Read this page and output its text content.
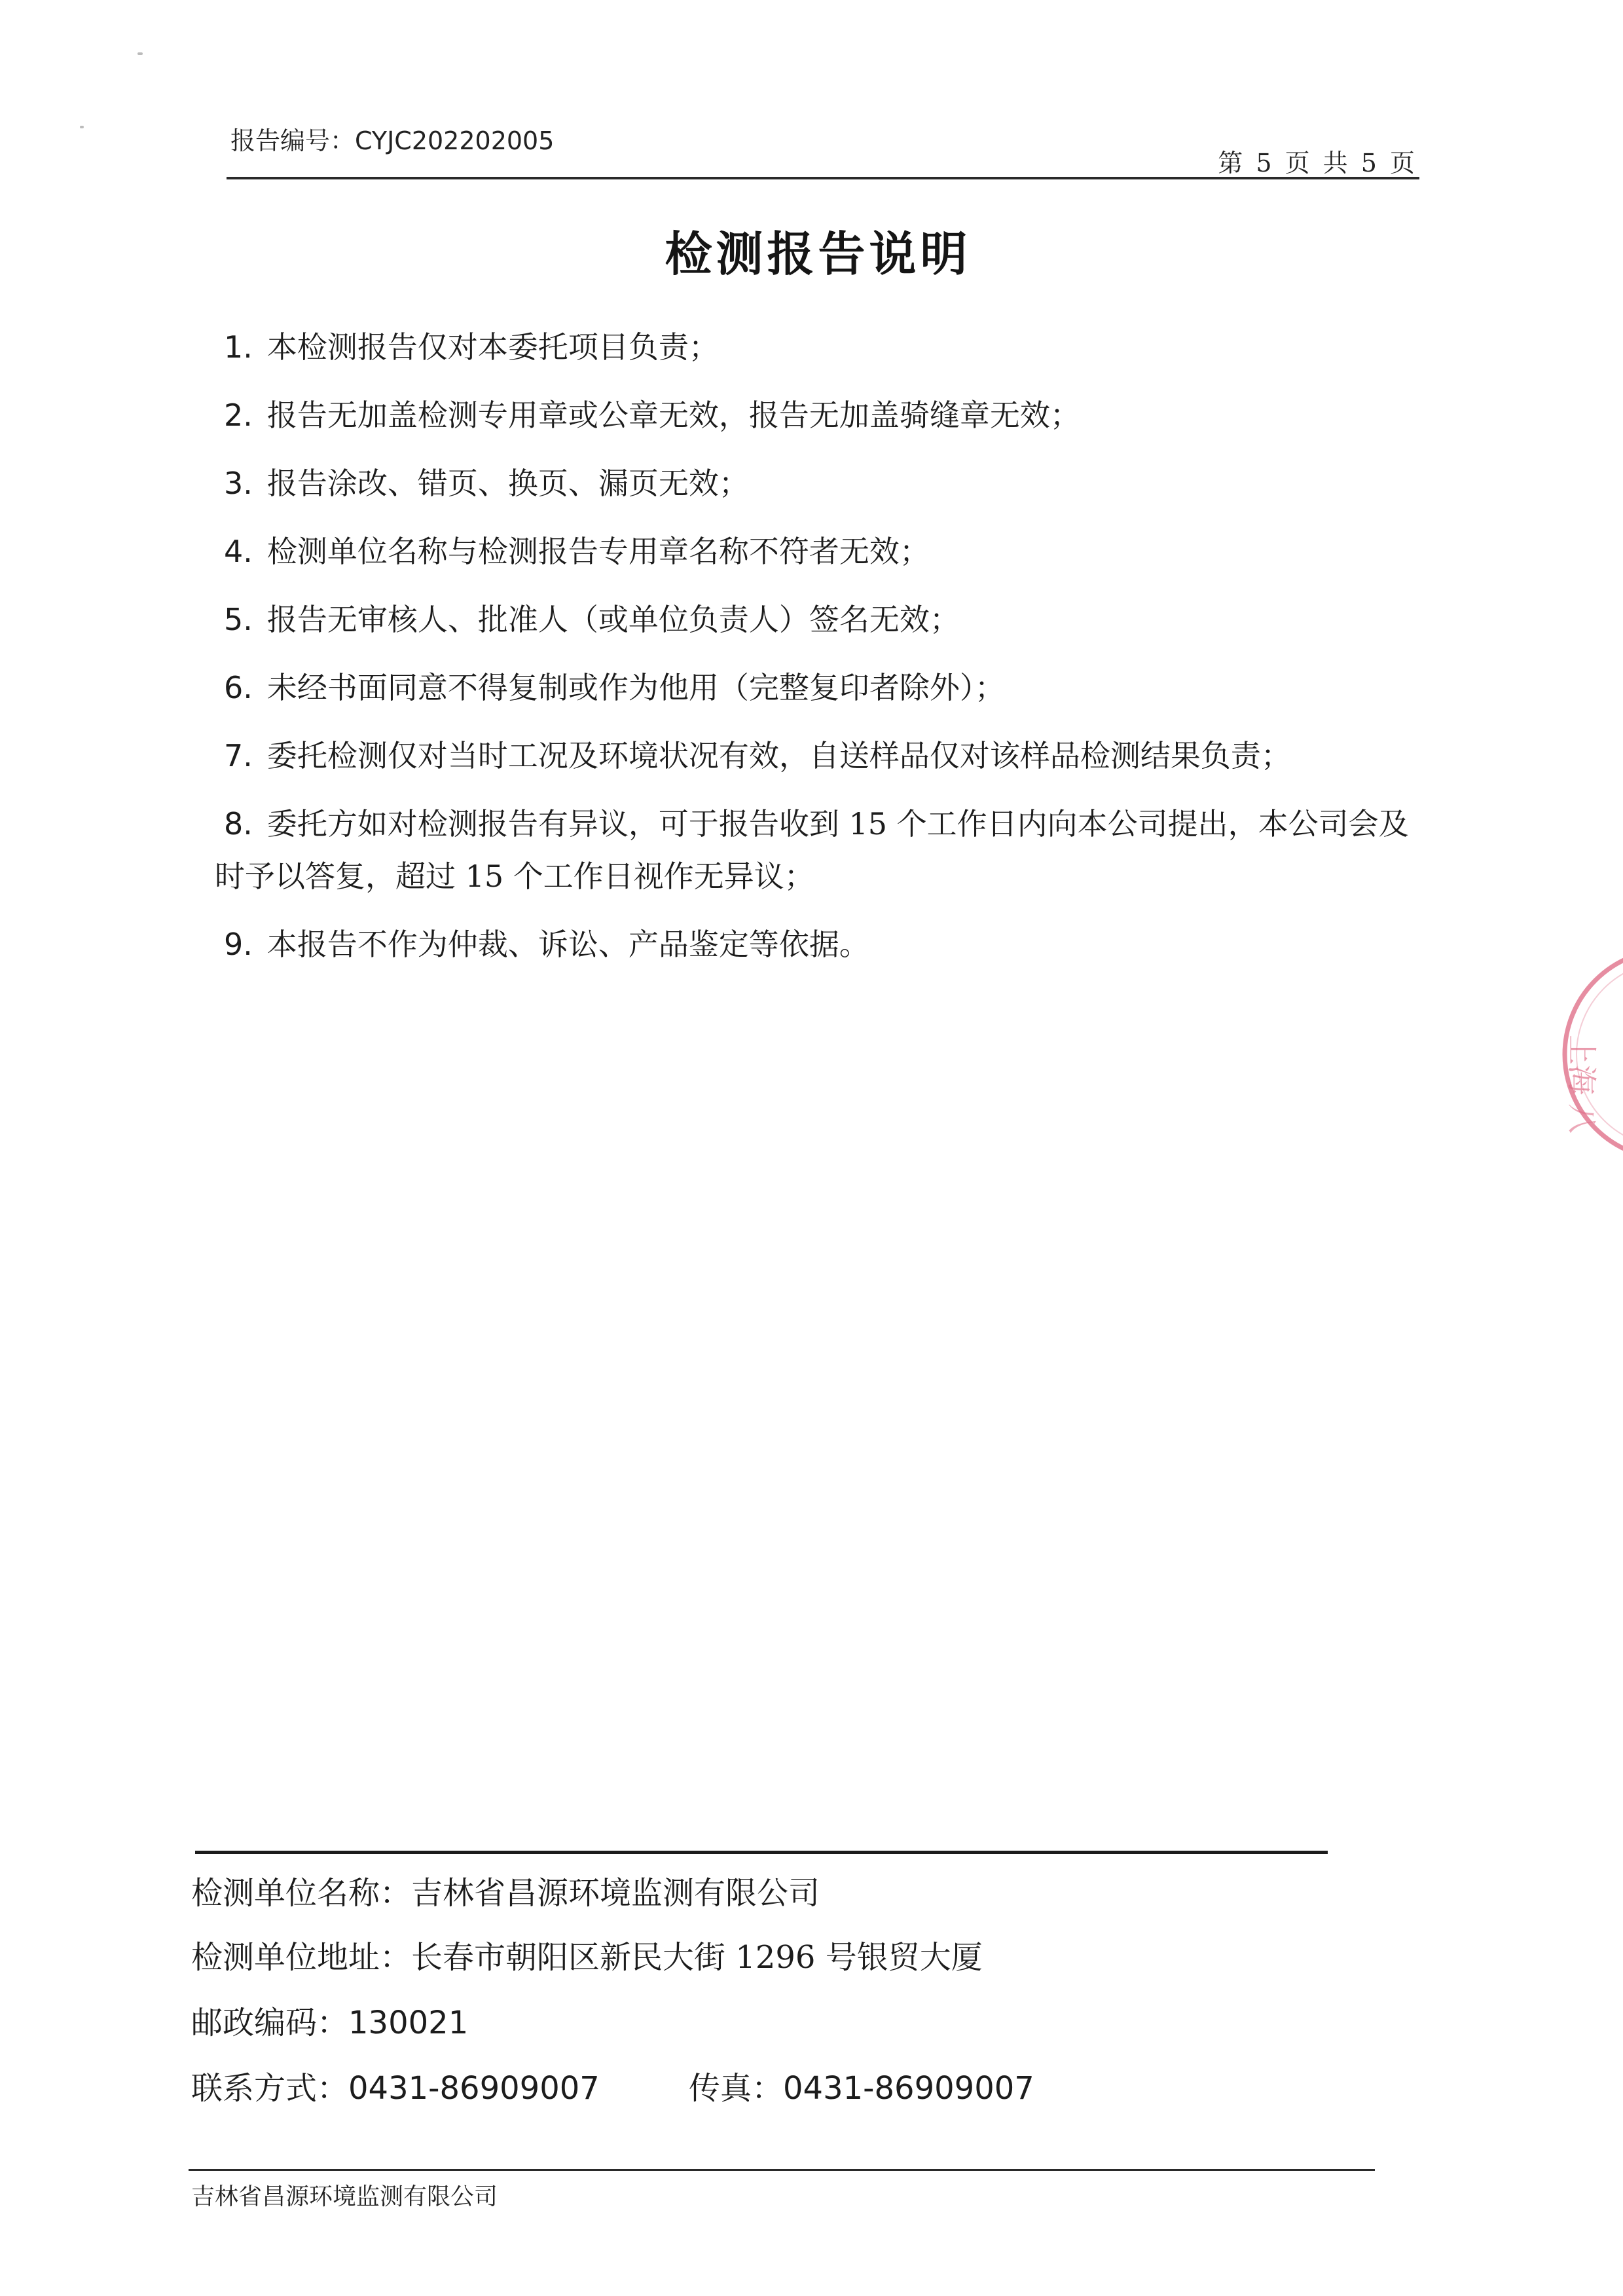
报告编号：CYJC202202005
第 5 页 共 5 页
检测报告说明
1. 本检测报告仅对本委托项目负责；
2. 报告无加盖检测专用章或公章无效，报告无加盖骑缝章无效；
3. 报告涂改、错页、换页、漏页无效；
4. 检测单位名称与检测报告专用章名称不符者无效；
5. 报告无审核人、批准人（或单位负责人）签名无效；
6. 未经书面同意不得复制或作为他用（完整复印者除外）；
7. 委托检测仅对当时工况及环境状况有效，自送样品仅对该样品检测结果负责；
8. 委托方如对检测报告有异议，可于报告收到 15 个工作日内向本公司提出，本公司会及时予以答复，超过 15 个工作日视作无异议；
9. 本报告不作为仲裁、诉讼、产品鉴定等依据。
上海
八
检测单位名称：吉林省昌源环境监测有限公司
检测单位地址：长春市朝阳区新民大街 1296 号银贸大厦
邮政编码：130021
联系方式：0431-86909007	传真：0431-86909007
吉林省昌源环境监测有限公司
